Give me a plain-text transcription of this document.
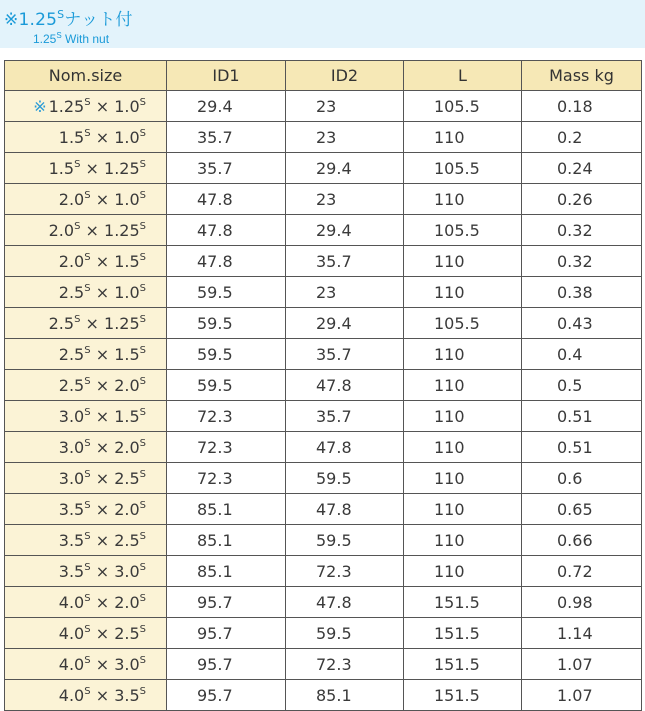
$※1.25^S$ナット付
$1.25^S$ With nut
Nom.size	ID1	ID2	L	Mass kg
※ $1.25^S \times 1.0^S$	29.4	23	105.5	0.18
$1.5^S \times 1.0^S$	35.7	23	110	0.2
$1.5^S \times 1.25^S$	35.7	29.4	105.5	0.24
$2.0^S \times 1.0^S$	47.8	23	110	0.26
$2.0^S \times 1.25^S$	47.8	29.4	105.5	0.32
$2.0^S \times 1.5^S$	47.8	35.7	110	0.32
$2.5^S \times 1.0^S$	59.5	23	110	0.38
$2.5^S \times 1.25^S$	59.5	29.4	105.5	0.43
$2.5^S \times 1.5^S$	59.5	35.7	110	0.4
$2.5^S \times 2.0^S$	59.5	47.8	110	0.5
$3.0^S \times 1.5^S$	72.3	35.7	110	0.51
$3.0^S \times 2.0^S$	72.3	47.8	110	0.51
$3.0^S \times 2.5^S$	72.3	59.5	110	0.6
$3.5^S \times 2.0^S$	85.1	47.8	110	0.65
$3.5^S \times 2.5^S$	85.1	59.5	110	0.66
$3.5^S \times 3.0^S$	85.1	72.3	110	0.72
$4.0^S \times 2.0^S$	95.7	47.8	151.5	0.98
$4.0^S \times 2.5^S$	95.7	59.5	151.5	1.14
$4.0^S \times 3.0^S$	95.7	72.3	151.5	1.07
$4.0^S \times 3.5^S$	95.7	85.1	151.5	1.07
